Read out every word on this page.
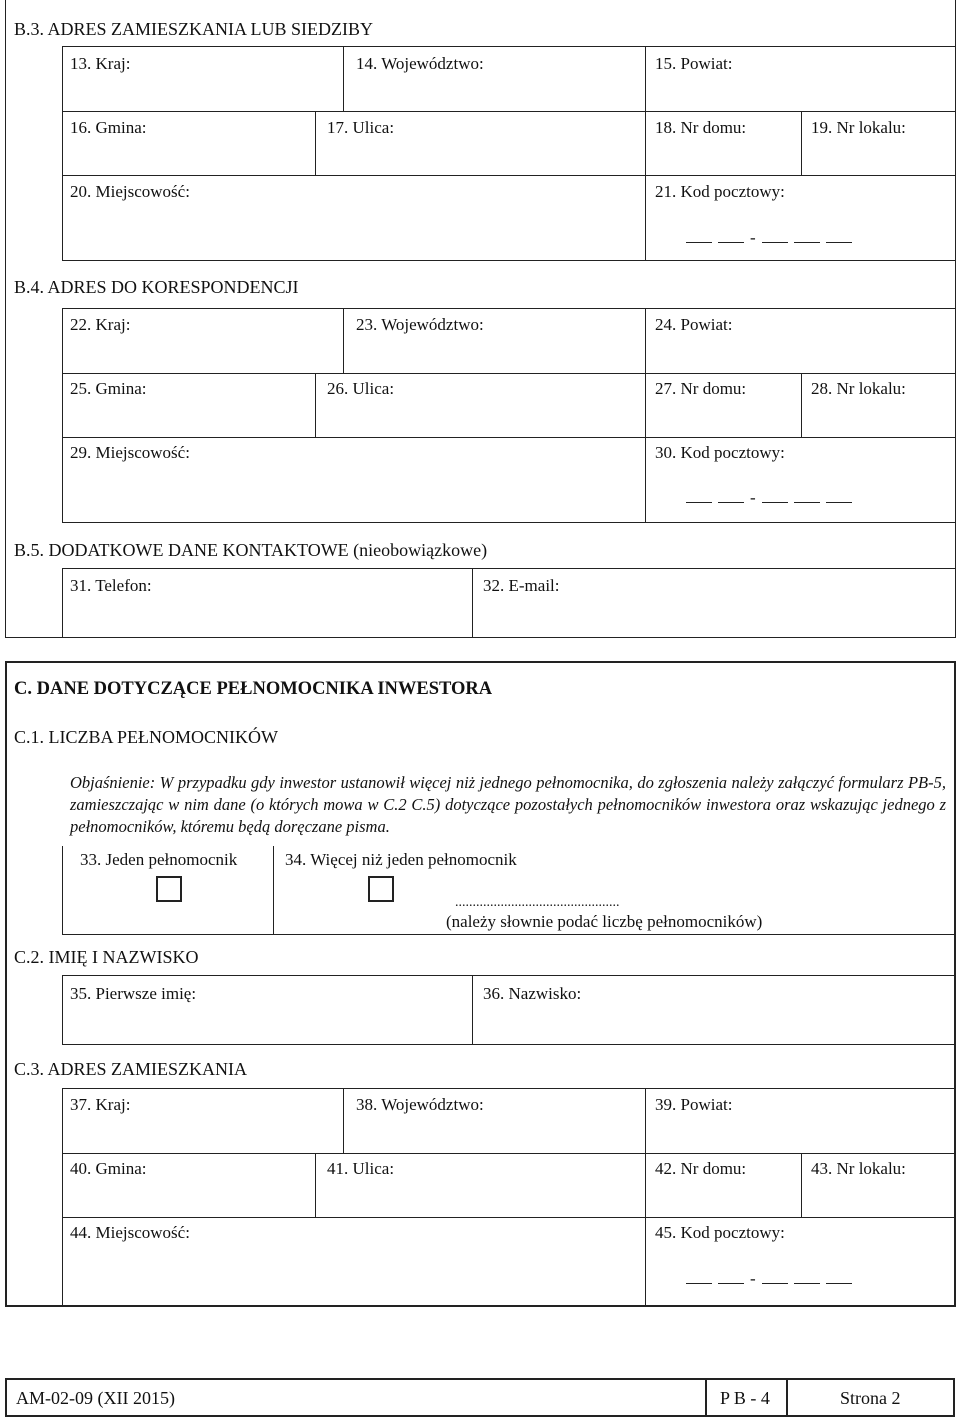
B.3. ADRES ZAMIESZKANIA LUB SIEDZIBY
13. Kraj:	14. Województwo:	15. Powiat:
16. Gmina:	17. Ulica:	18. Nr domu:	19. Nr lokalu:
20. Miejscowość:	21. Kod pocztowy:
-
B.4. ADRES DO KORESPONDENCJI
22. Kraj:	23. Województwo:	24. Powiat:
25. Gmina:	26. Ulica:	27. Nr domu:	28. Nr lokalu:
29. Miejscowość:	30. Kod pocztowy:
-
B.5. DODATKOWE DANE KONTAKTOWE (nieobowiązkowe)
31. Telefon:	32. E-mail:
C. DANE DOTYCZĄCE PEŁNOMOCNIKA INWESTORA
C.1. LICZBA PEŁNOMOCNIKÓW
Objaśnienie: W przypadku gdy inwestor ustanowił więcej niż jednego pełnomocnika, do zgłoszenia należy załączyć formularz PB-5, zamieszczając w nim dane (o których mowa w C.2 C.5) dotyczące pozostałych pełnomocników inwestora oraz wskazując jednego z pełnomocników, któremu będą doręczane pisma.
33. Jeden pełnomocnik	34. Więcej niż jeden pełnomocnik
...............................................
(należy słownie podać liczbę pełnomocników)
C.2. IMIĘ I NAZWISKO
35. Pierwsze imię:	36. Nazwisko:
C.3. ADRES ZAMIESZKANIA
37. Kraj:	38. Województwo:	39. Powiat:
40. Gmina:	41. Ulica:	42. Nr domu:	43. Nr lokalu:
44. Miejscowość:	45. Kod pocztowy:
-
AM-02-09 (XII 2015)	P B - 4	Strona 2
